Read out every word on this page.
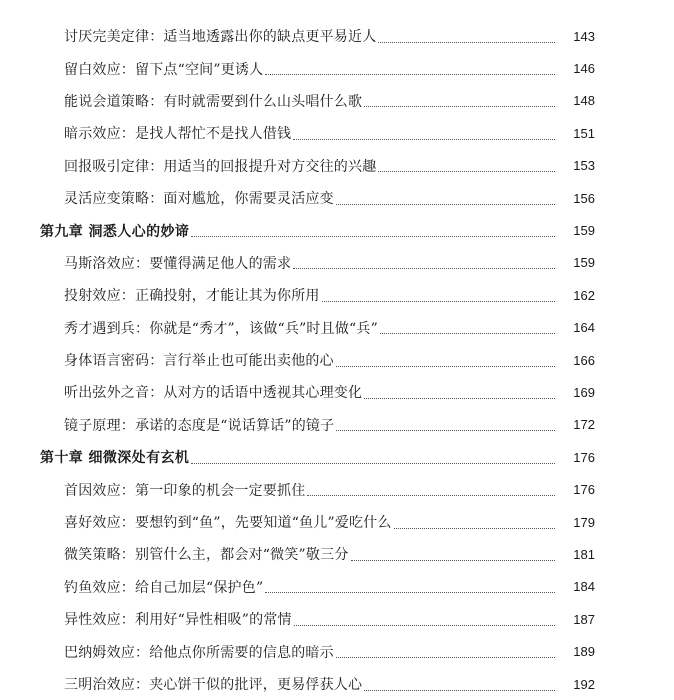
讨厌完美定律：适当地透露出你的缺点更平易近人	143
留白效应：留下点“空间”更诱人	146
能说会道策略：有时就需要到什么山头唱什么歌	148
暗示效应：是找人帮忙不是找人借钱	151
回报吸引定律：用适当的回报提升对方交往的兴趣	153
灵活应变策略：面对尴尬，你需要灵活应变	156
第九章 洞悉人心的妙谛	159
马斯洛效应：要懂得满足他人的需求	159
投射效应：正确投射，才能让其为你所用	162
秀才遇到兵：你就是“秀才”，该做“兵”时且做“兵”	164
身体语言密码：言行举止也可能出卖他的心	166
听出弦外之音：从对方的话语中透视其心理变化	169
镜子原理：承诺的态度是“说话算话”的镜子	172
第十章 细微深处有玄机	176
首因效应：第一印象的机会一定要抓住	176
喜好效应：要想钓到“鱼”，先要知道“鱼儿”爱吃什么	179
微笑策略：别管什么主，都会对“微笑”敬三分	181
钓鱼效应：给自己加层“保护色”	184
异性效应：利用好“异性相吸”的常情	187
巴纳姆效应：给他点你所需要的信息的暗示	189
三明治效应：夹心饼干似的批评，更易俘获人心	192
